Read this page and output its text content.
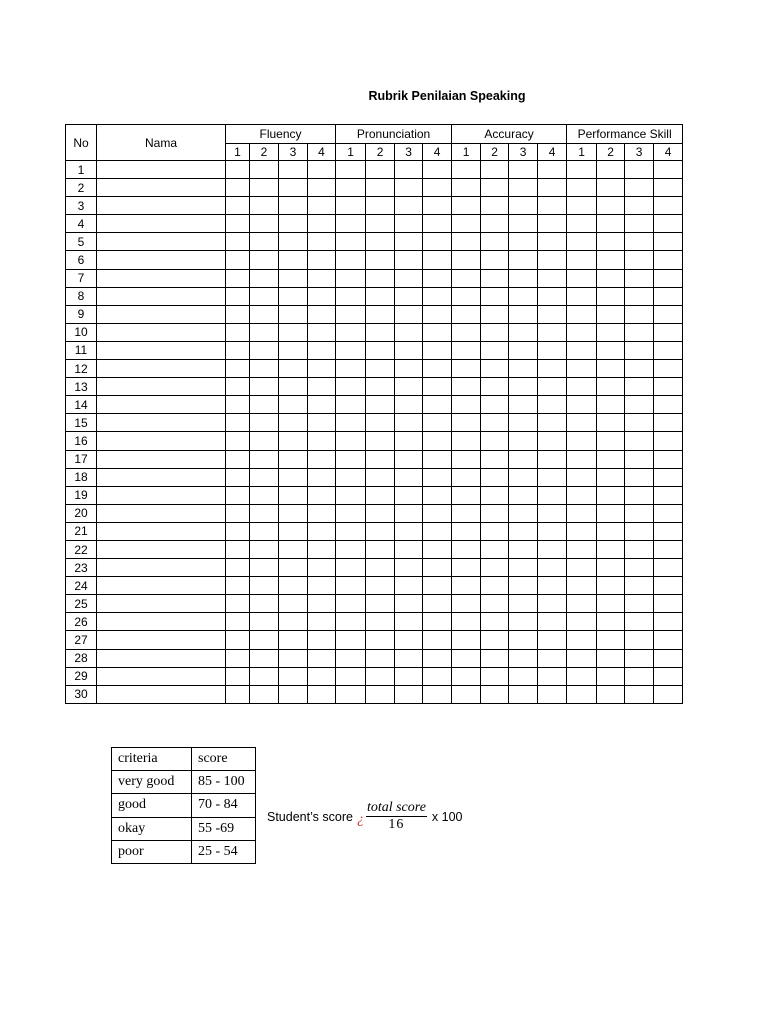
Rubrik Penilaian Speaking
No	Nama	Fluency				Pronunciation				Accuracy				Performance Skill			
		1	2	3	4	1	2	3	4	1	2	3	4	1	2	3	4
1																	
2																	
3																	
4																	
5																	
6																	
7																	
8																	
9																	
10																	
11																	
12																	
13																	
14																	
15																	
16																	
17																	
18																	
19																	
20																	
21																	
22																	
23																	
24																	
25																	
26																	
27																	
28																	
29																	
30																	
criteria	score
very good	85 - 100
good	70 - 84
okay	55 -69
poor	25 - 54
Student’s score ¿ $\frac{\text{total score}}{16}$ x 100
